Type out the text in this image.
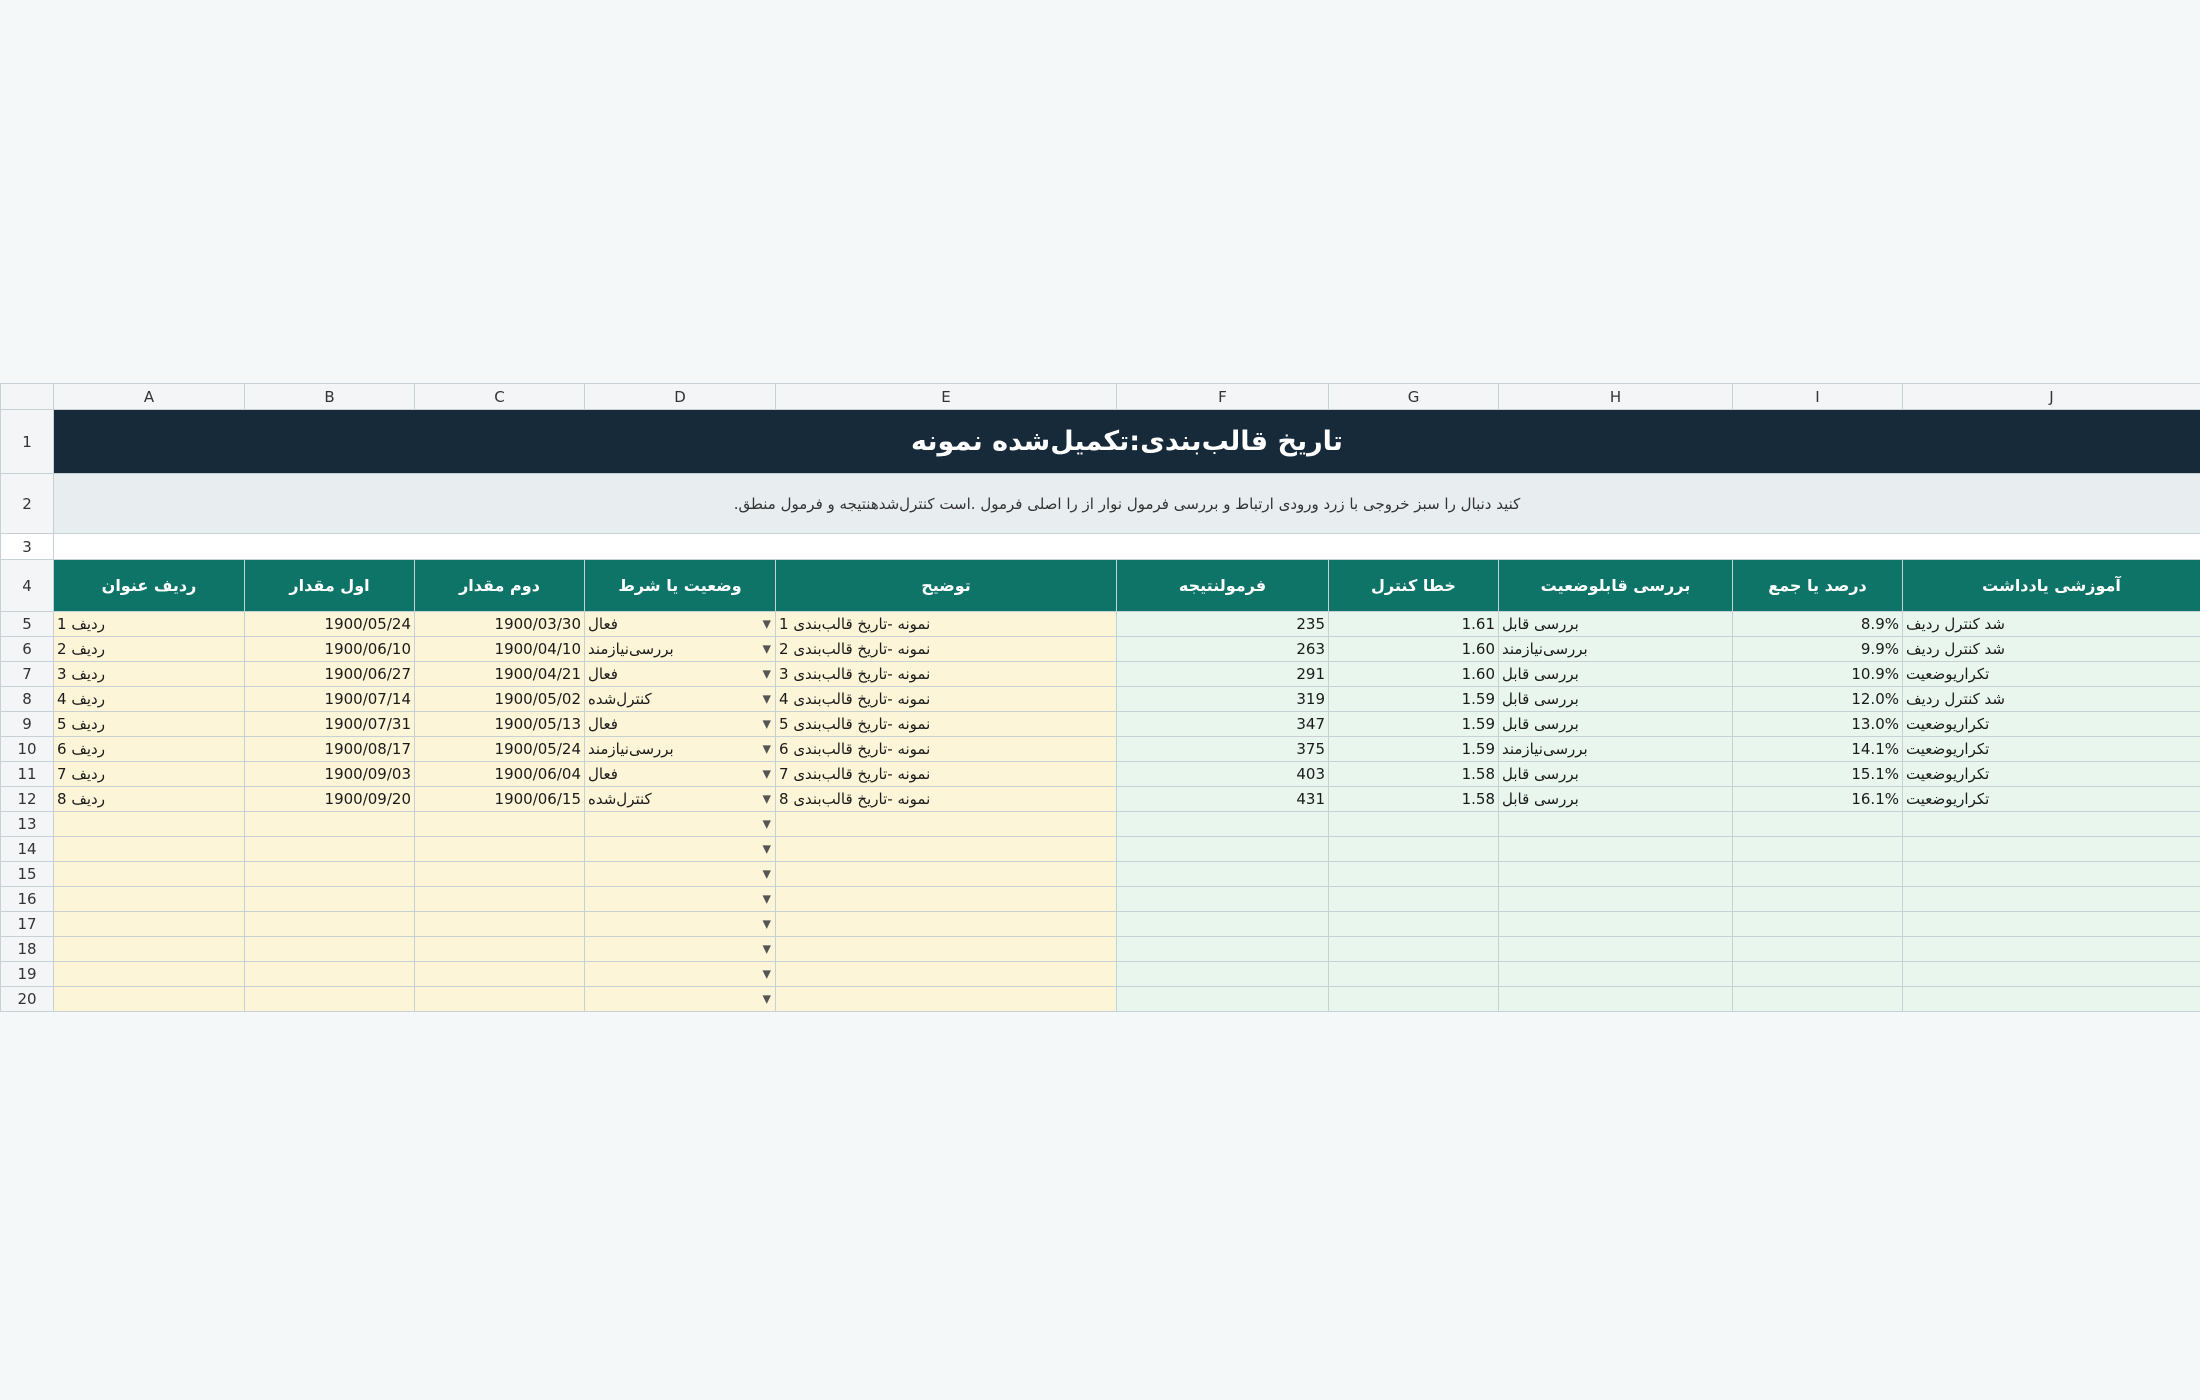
	A	B	C	D	E	F	G	H	I	J
1	تاریخ قالب‌بندی:تکمیل‌شده نمونه									
2	.کنید دنبال را سبز خروجی با زرد ورودی ارتباط و بررسی فرمول نوار از را اصلی فرمول .است کنترل‌شدهنتیجه و فرمول منطق									
3										
4	ردیف عنوان	اول مقدار	دوم مقدار	وضعیت یا شرط	توضیح	فرمولنتیجه	خطا کنترل	بررسی قابلوضعیت	درصد یا جمع	آموزشی یادداشت
5	1 ردیف	1900/05/24	1900/03/30	فعال ▼	1 نمونه -تاریخ قالب‌بندی	235	1.61	بررسی قابل	8.9%	شد کنترل ردیف
6	2 ردیف	1900/06/10	1900/04/10	بررسی‌نیازمند ▼	2 نمونه -تاریخ قالب‌بندی	263	1.60	بررسی‌نیازمند	9.9%	شد کنترل ردیف
7	3 ردیف	1900/06/27	1900/04/21	فعال ▼	3 نمونه -تاریخ قالب‌بندی	291	1.60	بررسی قابل	10.9%	تکراریوضعیت
8	4 ردیف	1900/07/14	1900/05/02	کنترل‌شده ▼	4 نمونه -تاریخ قالب‌بندی	319	1.59	بررسی قابل	12.0%	شد کنترل ردیف
9	5 ردیف	1900/07/31	1900/05/13	فعال ▼	5 نمونه -تاریخ قالب‌بندی	347	1.59	بررسی قابل	13.0%	تکراریوضعیت
10	6 ردیف	1900/08/17	1900/05/24	بررسی‌نیازمند ▼	6 نمونه -تاریخ قالب‌بندی	375	1.59	بررسی‌نیازمند	14.1%	تکراریوضعیت
11	7 ردیف	1900/09/03	1900/06/04	فعال ▼	7 نمونه -تاریخ قالب‌بندی	403	1.58	بررسی قابل	15.1%	تکراریوضعیت
12	8 ردیف	1900/09/20	1900/06/15	کنترل‌شده ▼	8 نمونه -تاریخ قالب‌بندی	431	1.58	بررسی قابل	16.1%	تکراریوضعیت
13				▼						

14				▼						

15				▼						

16				▼						

17				▼						

18				▼						

19				▼						

20				▼						
